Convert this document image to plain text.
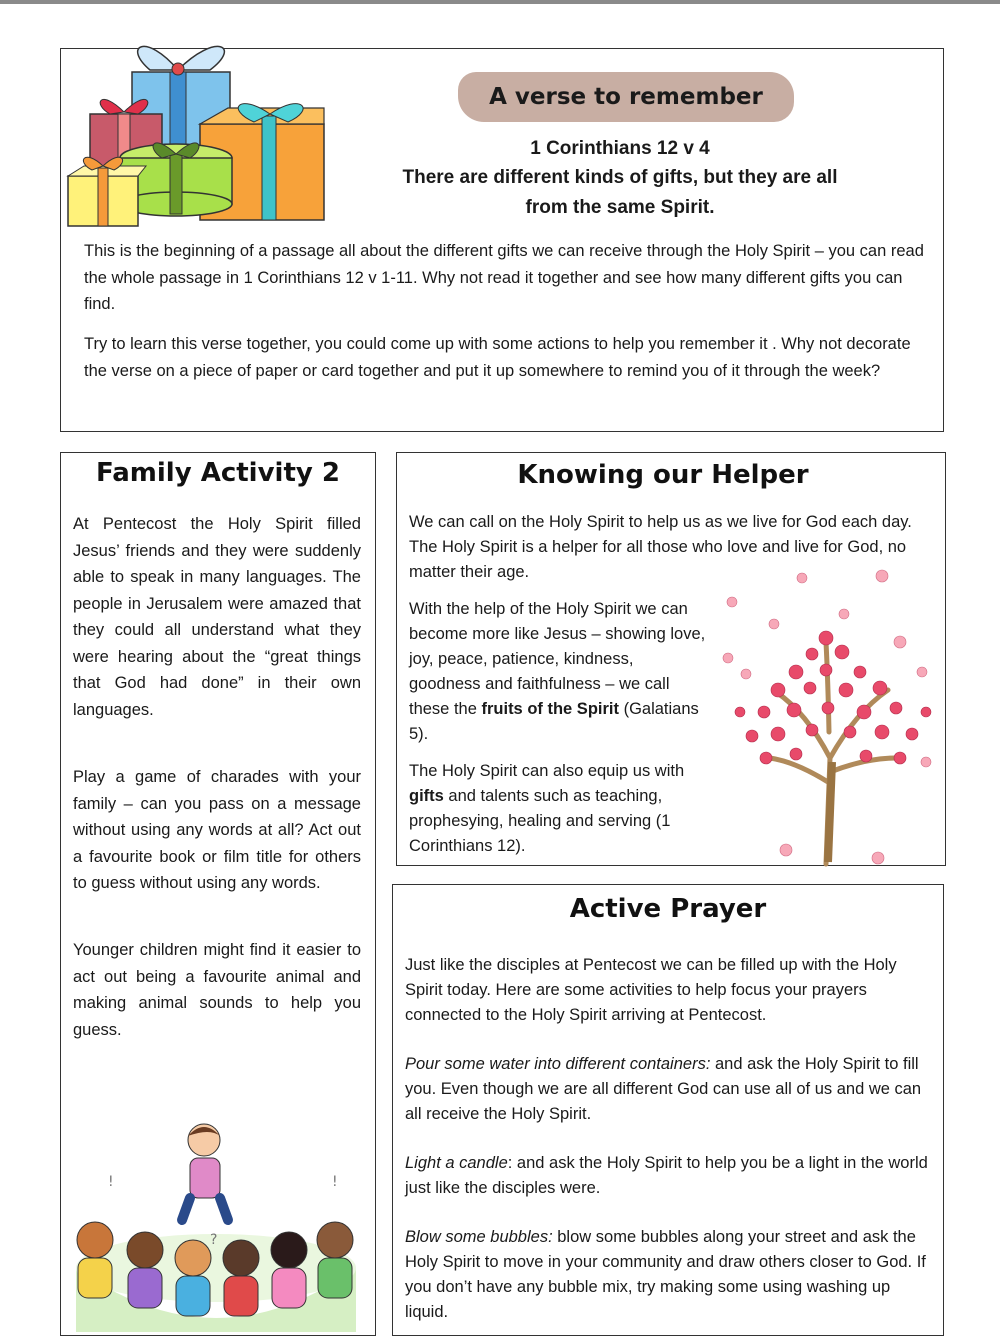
A verse to remember
1 Corinthians 12 v 4
There are different kinds of gifts, but they are all
from the same Spirit.

This is the beginning of a passage all about the different gifts we can receive through the Holy Spirit – you can read the whole passage in 1 Corinthians 12 v 1-11. Why not read it together and see how many different gifts you can find.

Try to learn this verse together, you could come up with some actions to help you remember it . Why not decorate the verse on a piece of paper or card together and put it up somewhere to remind you of it through the week?

Family Activity 2

At Pentecost the Holy Spirit filled Jesus’ friends and they were suddenly able to speak in many languages. The people in Jerusalem were amazed that they could all understand what they were hearing about the “great things that God had done” in their own languages.

Play a game of charades with your family – can you pass on a message without using any words at all? Act out a favourite book or film title for others to guess without using any words.

Younger children might find it easier to act out being a favourite animal and making animal sounds to help you guess.

!	!
?
Knowing our Helper

We can call on the Holy Spirit to help us as we live for God each day. The Holy Spirit is a helper for all those who love and live for God, no matter their age.

With the help of the Holy Spirit we can become more like Jesus – showing love, joy, peace, patience, kindness, goodness and faithfulness – we call these the fruits of the Spirit (Galatians 5).

The Holy Spirit can also equip us with gifts and talents such as teaching, prophesying, healing and serving (1 Corinthians 12).

Active Prayer

Just like the disciples at Pentecost we can be filled up with the Holy Spirit today. Here are some activities to help focus your prayers connected to the Holy Spirit arriving at Pentecost.

Pour some water into different containers: and ask the Holy Spirit to fill you. Even though we are all different God can use all of us and we can all receive the Holy Spirit.

Light a candle: and ask the Holy Spirit to help you be a light in the world just like the disciples were.

Blow some bubbles: blow some bubbles along your street and ask the Holy Spirit to move in your community and draw others closer to God. If you don’t have any bubble mix, try making some using washing up liquid.
